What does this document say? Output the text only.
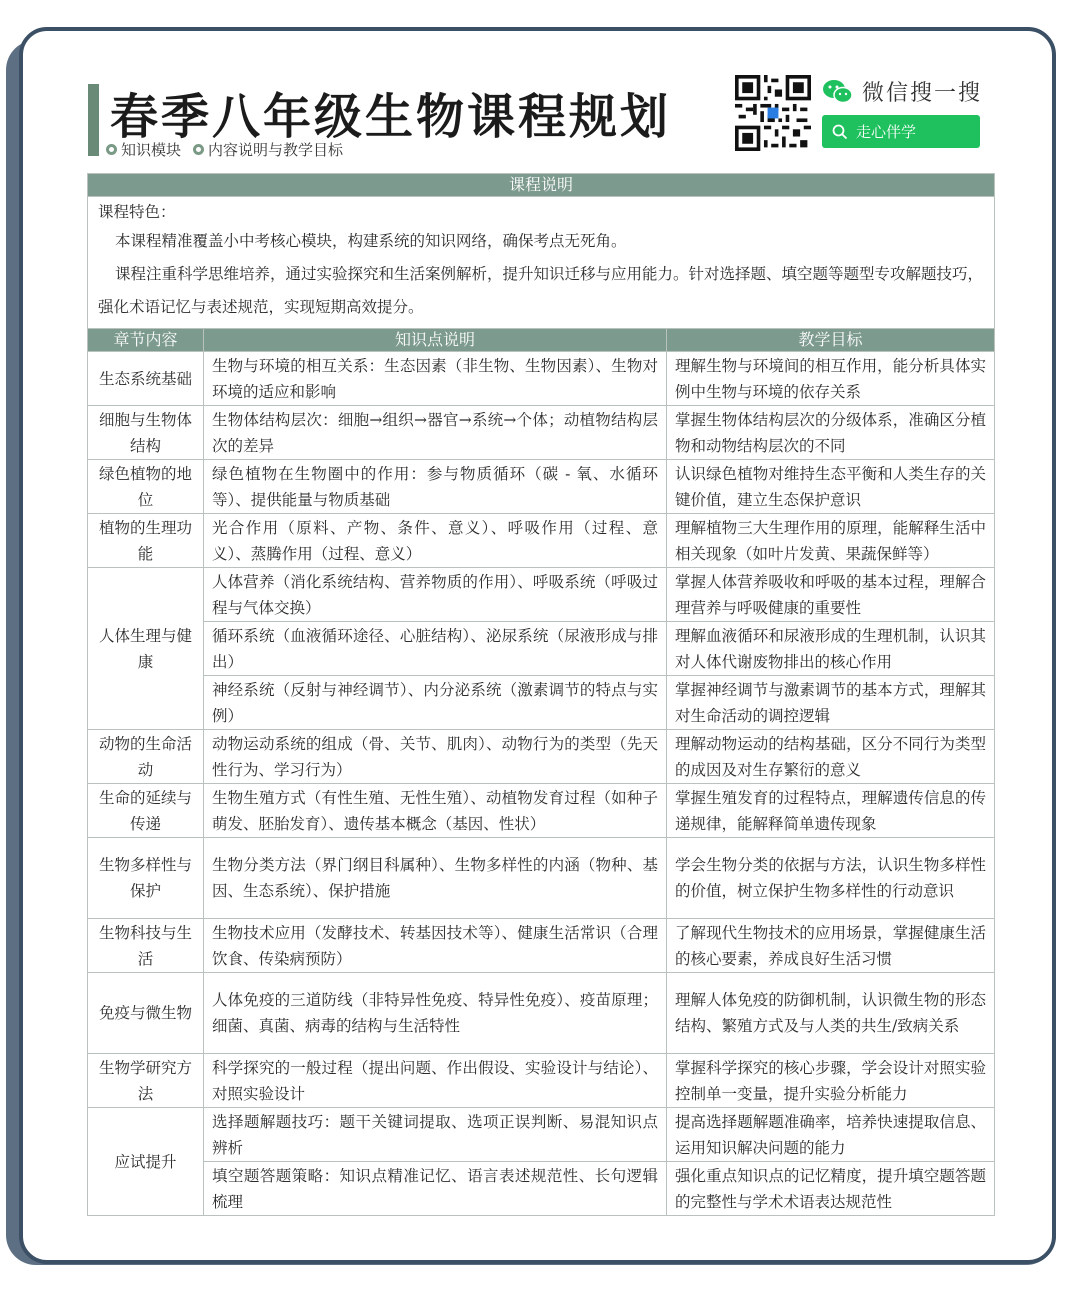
春季八年级生物课程规划
知识模块 内容说明与教学目标
微信搜一搜
走心伴学
课程说明		

课程特色：

本课程精准覆盖小中考核心模块，构建系统的知识网络，确保考点无死角。

课程注重科学思维培养，通过实验探究和生活案例解析，提升知识迁移与应用能力。针对选择题、填空题等题型专攻解题技巧，强化术语记忆与表述规范，实现短期高效提分。		

章节内容	知识点说明	教学目标
生态系统基础	生物与环境的相互关系：生态因素（非生物、生物因素）、生物对环境的适应和影响	理解生物与环境间的相互作用，能分析具体实例中生物与环境的依存关系
细胞与生物体结构	生物体结构层次：细胞→组织→器官→系统→个体；动植物结构层次的差异	掌握生物体结构层次的分级体系，准确区分植物和动物结构层次的不同
绿色植物的地位	绿色植物在生物圈中的作用：参与物质循环（碳 - 氧、水循环等）、提供能量与物质基础	认识绿色植物对维持生态平衡和人类生存的关键价值，建立生态保护意识
植物的生理功能	光合作用（原料、产物、条件、意义）、呼吸作用（过程、意义）、蒸腾作用（过程、意义）	理解植物三大生理作用的原理，能解释生活中相关现象（如叶片发黄、果蔬保鲜等）
人体生理与健康	人体营养（消化系统结构、营养物质的作用）、呼吸系统（呼吸过程与气体交换）	掌握人体营养吸收和呼吸的基本过程，理解合理营养与呼吸健康的重要性
	循环系统（血液循环途径、心脏结构）、泌尿系统（尿液形成与排出）	理解血液循环和尿液形成的生理机制，认识其对人体代谢废物排出的核心作用
	神经系统（反射与神经调节）、内分泌系统（激素调节的特点与实例）	掌握神经调节与激素调节的基本方式，理解其对生命活动的调控逻辑
动物的生命活动	动物运动系统的组成（骨、关节、肌肉）、动物行为的类型（先天性行为、学习行为）	理解动物运动的结构基础，区分不同行为类型的成因及对生存繁衍的意义
生命的延续与传递	生物生殖方式（有性生殖、无性生殖）、动植物发育过程（如种子萌发、胚胎发育）、遗传基本概念（基因、性状）	掌握生殖发育的过程特点，理解遗传信息的传递规律，能解释简单遗传现象
生物多样性与保护	生物分类方法（界门纲目科属种）、生物多样性的内涵（物种、基因、生态系统）、保护措施	学会生物分类的依据与方法，认识生物多样性的价值，树立保护生物多样性的行动意识
生物科技与生活	生物技术应用（发酵技术、转基因技术等）、健康生活常识（合理饮食、传染病预防）	了解现代生物技术的应用场景，掌握健康生活的核心要素，养成良好生活习惯
免疫与微生物	人体免疫的三道防线（非特异性免疫、特异性免疫）、疫苗原理；细菌、真菌、病毒的结构与生活特性	理解人体免疫的防御机制，认识微生物的形态结构、繁殖方式及与人类的共生/致病关系
生物学研究方法	科学探究的一般过程（提出问题、作出假设、实验设计与结论）、对照实验设计	掌握科学探究的核心步骤，学会设计对照实验控制单一变量，提升实验分析能力
应试提升	选择题解题技巧：题干关键词提取、选项正误判断、易混知识点辨析	提高选择题解题准确率，培养快速提取信息、运用知识解决问题的能力
	填空题答题策略：知识点精准记忆、语言表述规范性、长句逻辑梳理	强化重点知识点的记忆精度，提升填空题答题的完整性与学术术语表达规范性
